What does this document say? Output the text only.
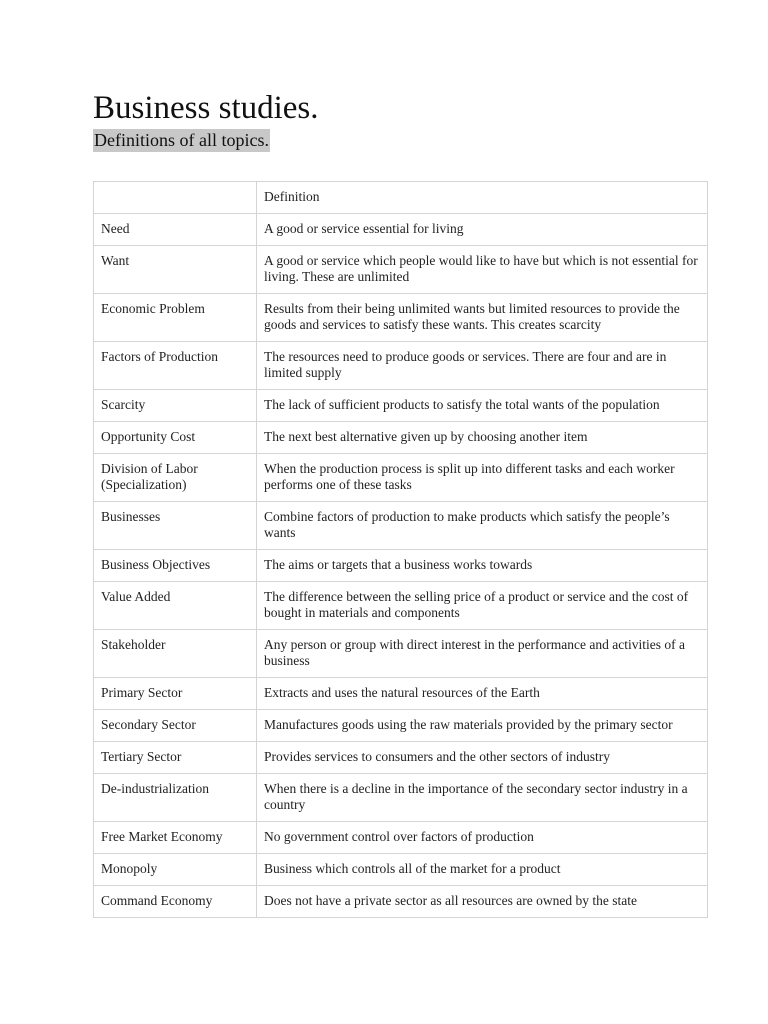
Business studies.
Definitions of all topics.
	Definition
Need	A good or service essential for living
Want	A good or service which people would like to have but which is not essential for living. These are unlimited
Economic Problem	Results from their being unlimited wants but limited resources to provide the goods and services to satisfy these wants. This creates scarcity
Factors of Production	The resources need to produce goods or services. There are four and are in limited supply
Scarcity	The lack of sufficient products to satisfy the total wants of the population
Opportunity Cost	The next best alternative given up by choosing another item
Division of Labor (Specialization)	When the production process is split up into different tasks and each worker performs one of these tasks
Businesses	Combine factors of production to make products which satisfy the people’s wants
Business Objectives	The aims or targets that a business works towards
Value Added	The difference between the selling price of a product or service and the cost of bought in materials and components
Stakeholder	Any person or group with direct interest in the performance and activities of a business
Primary Sector	Extracts and uses the natural resources of the Earth
Secondary Sector	Manufactures goods using the raw materials provided by the primary sector
Tertiary Sector	Provides services to consumers and the other sectors of industry
De-industrialization	When there is a decline in the importance of the secondary sector industry in a country
Free Market Economy	No government control over factors of production
Monopoly	Business which controls all of the market for a product
Command Economy	Does not have a private sector as all resources are owned by the state
